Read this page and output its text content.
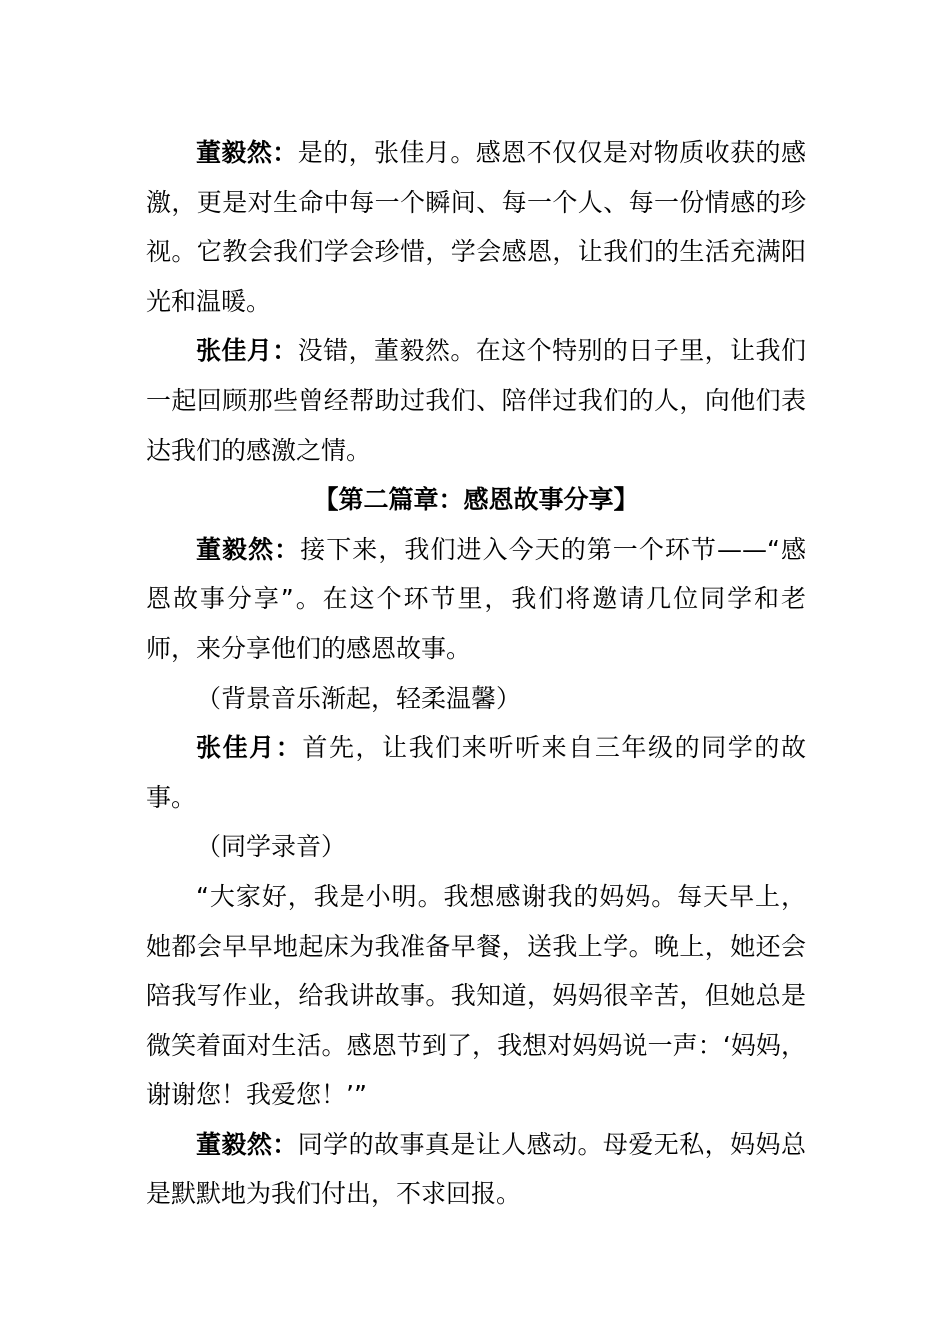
董毅然：是的，张佳月。感恩不仅仅是对物质收获的感激，更是对生命中每一个瞬间、每一个人、每一份情感的珍视。它教会我们学会珍惜，学会感恩，让我们的生活充满阳光和温暖。

张佳月：没错，董毅然。在这个特别的日子里，让我们一起回顾那些曾经帮助过我们、陪伴过我们的人，向他们表达我们的感激之情。

【第二篇章：感恩故事分享】

董毅然：接下来，我们进入今天的第一个环节——“感恩故事分享”。在这个环节里，我们将邀请几位同学和老师，来分享他们的感恩故事。

（背景音乐渐起，轻柔温馨）

张佳月：首先，让我们来听听来自三年级的同学的故事。

（同学录音）

“大家好，我是小明。我想感谢我的妈妈。每天早上，她都会早早地起床为我准备早餐，送我上学。晚上，她还会陪我写作业，给我讲故事。我知道，妈妈很辛苦，但她总是微笑着面对生活。感恩节到了，我想对妈妈说一声：‘妈妈，谢谢您！我爱您！’”

董毅然：同学的故事真是让人感动。母爱无私，妈妈总是默默地为我们付出，不求回报。
